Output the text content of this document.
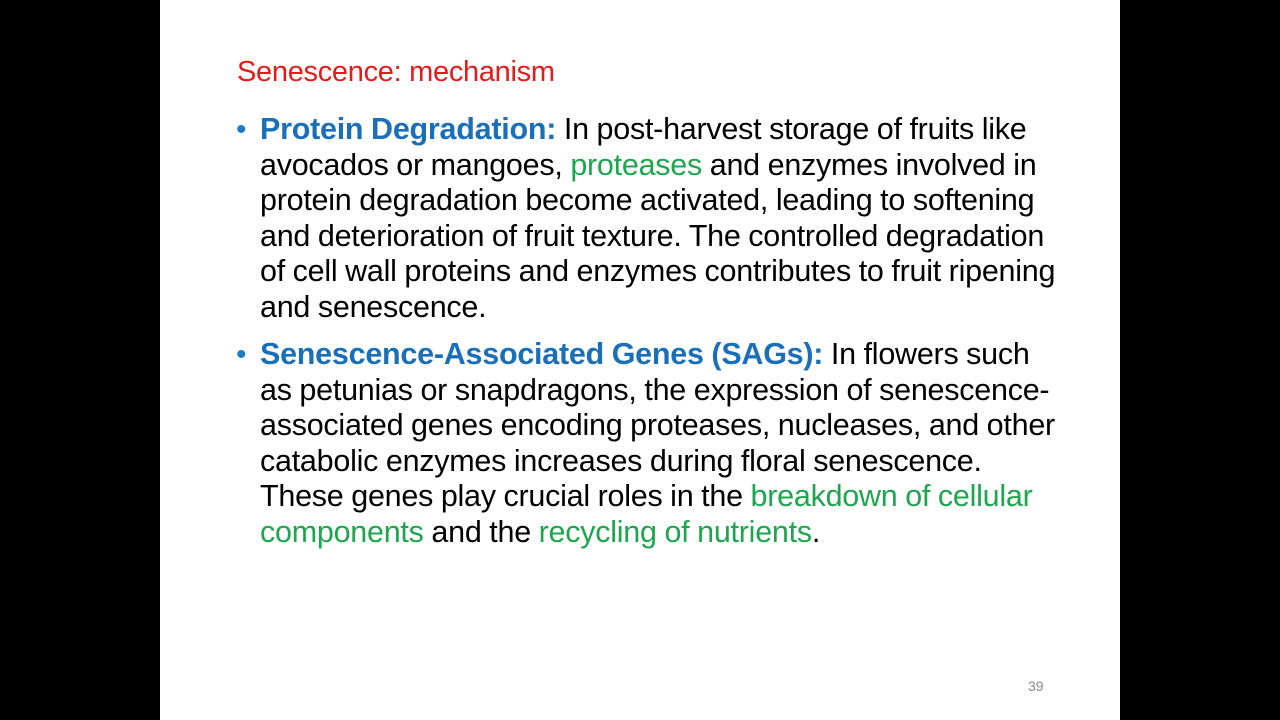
Senescence: mechanism
• Protein Degradation: In post-harvest storage of fruits like avocados or mangoes, proteases and enzymes involved in protein degradation become activated, leading to softening and deterioration of fruit texture. The controlled degradation of cell wall proteins and enzymes contributes to fruit ripening and senescence.
• Senescence-Associated Genes (SAGs): In flowers such as petunias or snapdragons, the expression of senescence-associated genes encoding proteases, nucleases, and other catabolic enzymes increases during floral senescence. These genes play crucial roles in the breakdown of cellular components and the recycling of nutrients.
39
